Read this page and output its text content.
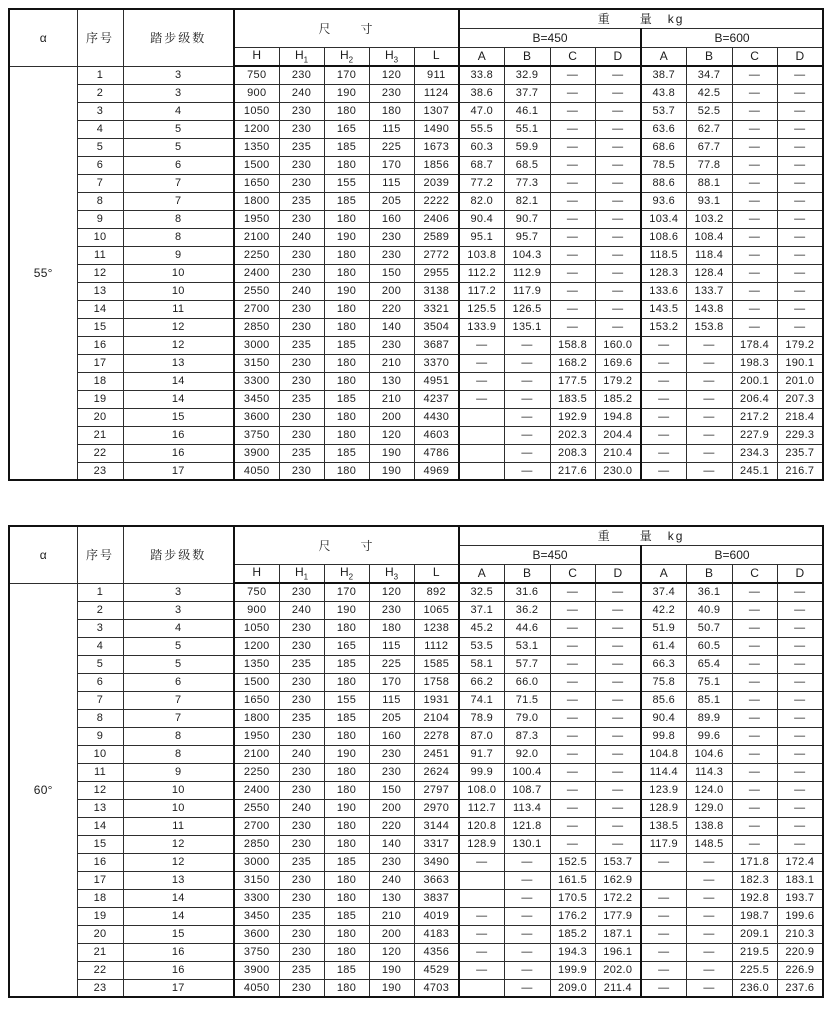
α	序号	踏步级数	尺　　寸					重　　量　kg							
								B=450				B=600			
			H	$H_1$	$H_2$	$H_3$	L	A	B	C	D	A	B	C	D
55°	1	3	750	230	170	120	911	33.8	32.9	—	—	38.7	34.7	—	—
	2	3	900	240	190	230	1124	38.6	37.7	—	—	43.8	42.5	—	—
	3	4	1050	230	180	180	1307	47.0	46.1	—	—	53.7	52.5	—	—
	4	5	1200	230	165	115	1490	55.5	55.1	—	—	63.6	62.7	—	—
	5	5	1350	235	185	225	1673	60.3	59.9	—	—	68.6	67.7	—	—
	6	6	1500	230	180	170	1856	68.7	68.5	—	—	78.5	77.8	—	—
	7	7	1650	230	155	115	2039	77.2	77.3	—	—	88.6	88.1	—	—
	8	7	1800	235	185	205	2222	82.0	82.1	—	—	93.6	93.1	—	—
	9	8	1950	230	180	160	2406	90.4	90.7	—	—	103.4	103.2	—	—
	10	8	2100	240	190	230	2589	95.1	95.7	—	—	108.6	108.4	—	—
	11	9	2250	230	180	230	2772	103.8	104.3	—	—	118.5	118.4	—	—
	12	10	2400	230	180	150	2955	112.2	112.9	—	—	128.3	128.4	—	—
	13	10	2550	240	190	200	3138	117.2	117.9	—	—	133.6	133.7	—	—
	14	11	2700	230	180	220	3321	125.5	126.5	—	—	143.5	143.8	—	—
	15	12	2850	230	180	140	3504	133.9	135.1	—	—	153.2	153.8	—	—
	16	12	3000	235	185	230	3687	—	—	158.8	160.0	—	—	178.4	179.2
	17	13	3150	230	180	210	3370	—	—	168.2	169.6	—	—	198.3	190.1
	18	14	3300	230	180	130	4951	—	—	177.5	179.2	—	—	200.1	201.0
	19	14	3450	235	185	210	4237	—	—	183.5	185.2	—	—	206.4	207.3
	20	15	3600	230	180	200	4430		—	192.9	194.8	—	—	217.2	218.4
	21	16	3750	230	180	120	4603		—	202.3	204.4	—	—	227.9	229.3
	22	16	3900	235	185	190	4786		—	208.3	210.4	—	—	234.3	235.7
	23	17	4050	230	180	190	4969		—	217.6	230.0	—	—	245.1	216.7
α	序号	踏步级数	尺　　寸					重　　量　kg							
								B=450				B=600			
			H	$H_1$	$H_2$	$H_3$	L	A	B	C	D	A	B	C	D
60°	1	3	750	230	170	120	892	32.5	31.6	—	—	37.4	36.1	—	—
	2	3	900	240	190	230	1065	37.1	36.2	—	—	42.2	40.9	—	—
	3	4	1050	230	180	180	1238	45.2	44.6	—	—	51.9	50.7	—	—
	4	5	1200	230	165	115	1112	53.5	53.1	—	—	61.4	60.5	—	—
	5	5	1350	235	185	225	1585	58.1	57.7	—	—	66.3	65.4	—	—
	6	6	1500	230	180	170	1758	66.2	66.0	—	—	75.8	75.1	—	—
	7	7	1650	230	155	115	1931	74.1	71.5	—	—	85.6	85.1	—	—
	8	7	1800	235	185	205	2104	78.9	79.0	—	—	90.4	89.9	—	—
	9	8	1950	230	180	160	2278	87.0	87.3	—	—	99.8	99.6	—	—
	10	8	2100	240	190	230	2451	91.7	92.0	—	—	104.8	104.6	—	—
	11	9	2250	230	180	230	2624	99.9	100.4	—	—	114.4	114.3	—	—
	12	10	2400	230	180	150	2797	108.0	108.7	—	—	123.9	124.0	—	—
	13	10	2550	240	190	200	2970	112.7	113.4	—	—	128.9	129.0	—	—
	14	11	2700	230	180	220	3144	120.8	121.8	—	—	138.5	138.8	—	—
	15	12	2850	230	180	140	3317	128.9	130.1	—	—	117.9	148.5	—	—
	16	12	3000	235	185	230	3490	—	—	152.5	153.7	—	—	171.8	172.4
	17	13	3150	230	180	240	3663		—	161.5	162.9		—	182.3	183.1
	18	14	3300	230	180	130	3837		—	170.5	172.2	—	—	192.8	193.7
	19	14	3450	235	185	210	4019	—	—	176.2	177.9	—	—	198.7	199.6
	20	15	3600	230	180	200	4183	—	—	185.2	187.1	—	—	209.1	210.3
	21	16	3750	230	180	120	4356	—	—	194.3	196.1	—	—	219.5	220.9
	22	16	3900	235	185	190	4529	—	—	199.9	202.0	—	—	225.5	226.9
	23	17	4050	230	180	190	4703		—	209.0	211.4	—	—	236.0	237.6
